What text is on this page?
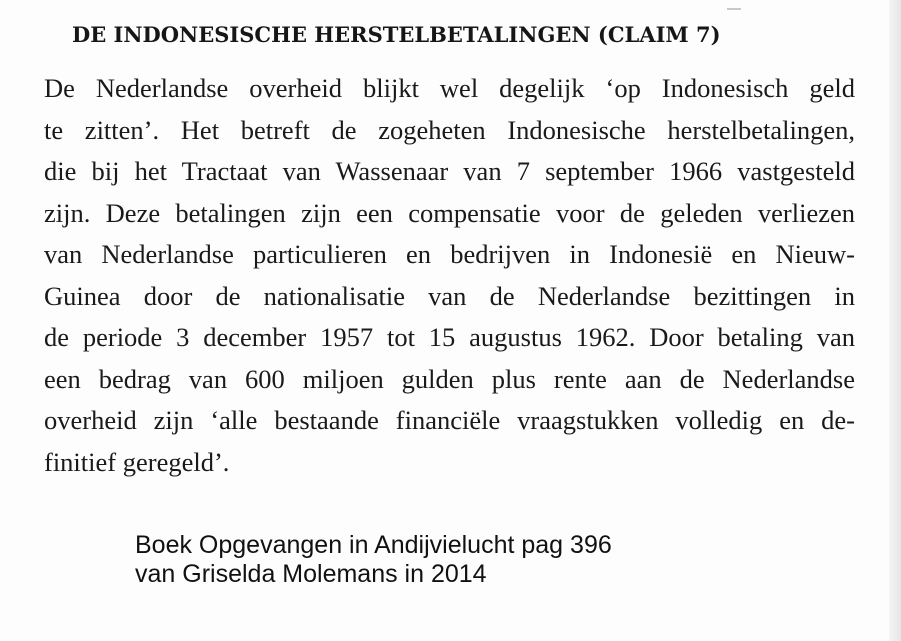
DE INDONESISCHE HERSTELBETALINGEN (CLAIM 7)
De Nederlandse overheid blijkt wel degelijk ‘op Indonesisch geld
te zitten’. Het betreft de zogeheten Indonesische herstelbetalingen,
die bij het Tractaat van Wassenaar van 7 september 1966 vastgesteld
zijn. Deze betalingen zijn een compensatie voor de geleden verliezen
van Nederlandse particulieren en bedrijven in Indonesië en Nieuw-
Guinea door de nationalisatie van de Nederlandse bezittingen in
de periode 3 december 1957 tot 15 augustus 1962. Door betaling van
een bedrag van 600 miljoen gulden plus rente aan de Nederlandse
overheid zijn ‘alle bestaande financiële vraagstukken volledig en de-
finitief geregeld’.
Boek Opgevangen in Andijvielucht pag 396
van Griselda Molemans in 2014
